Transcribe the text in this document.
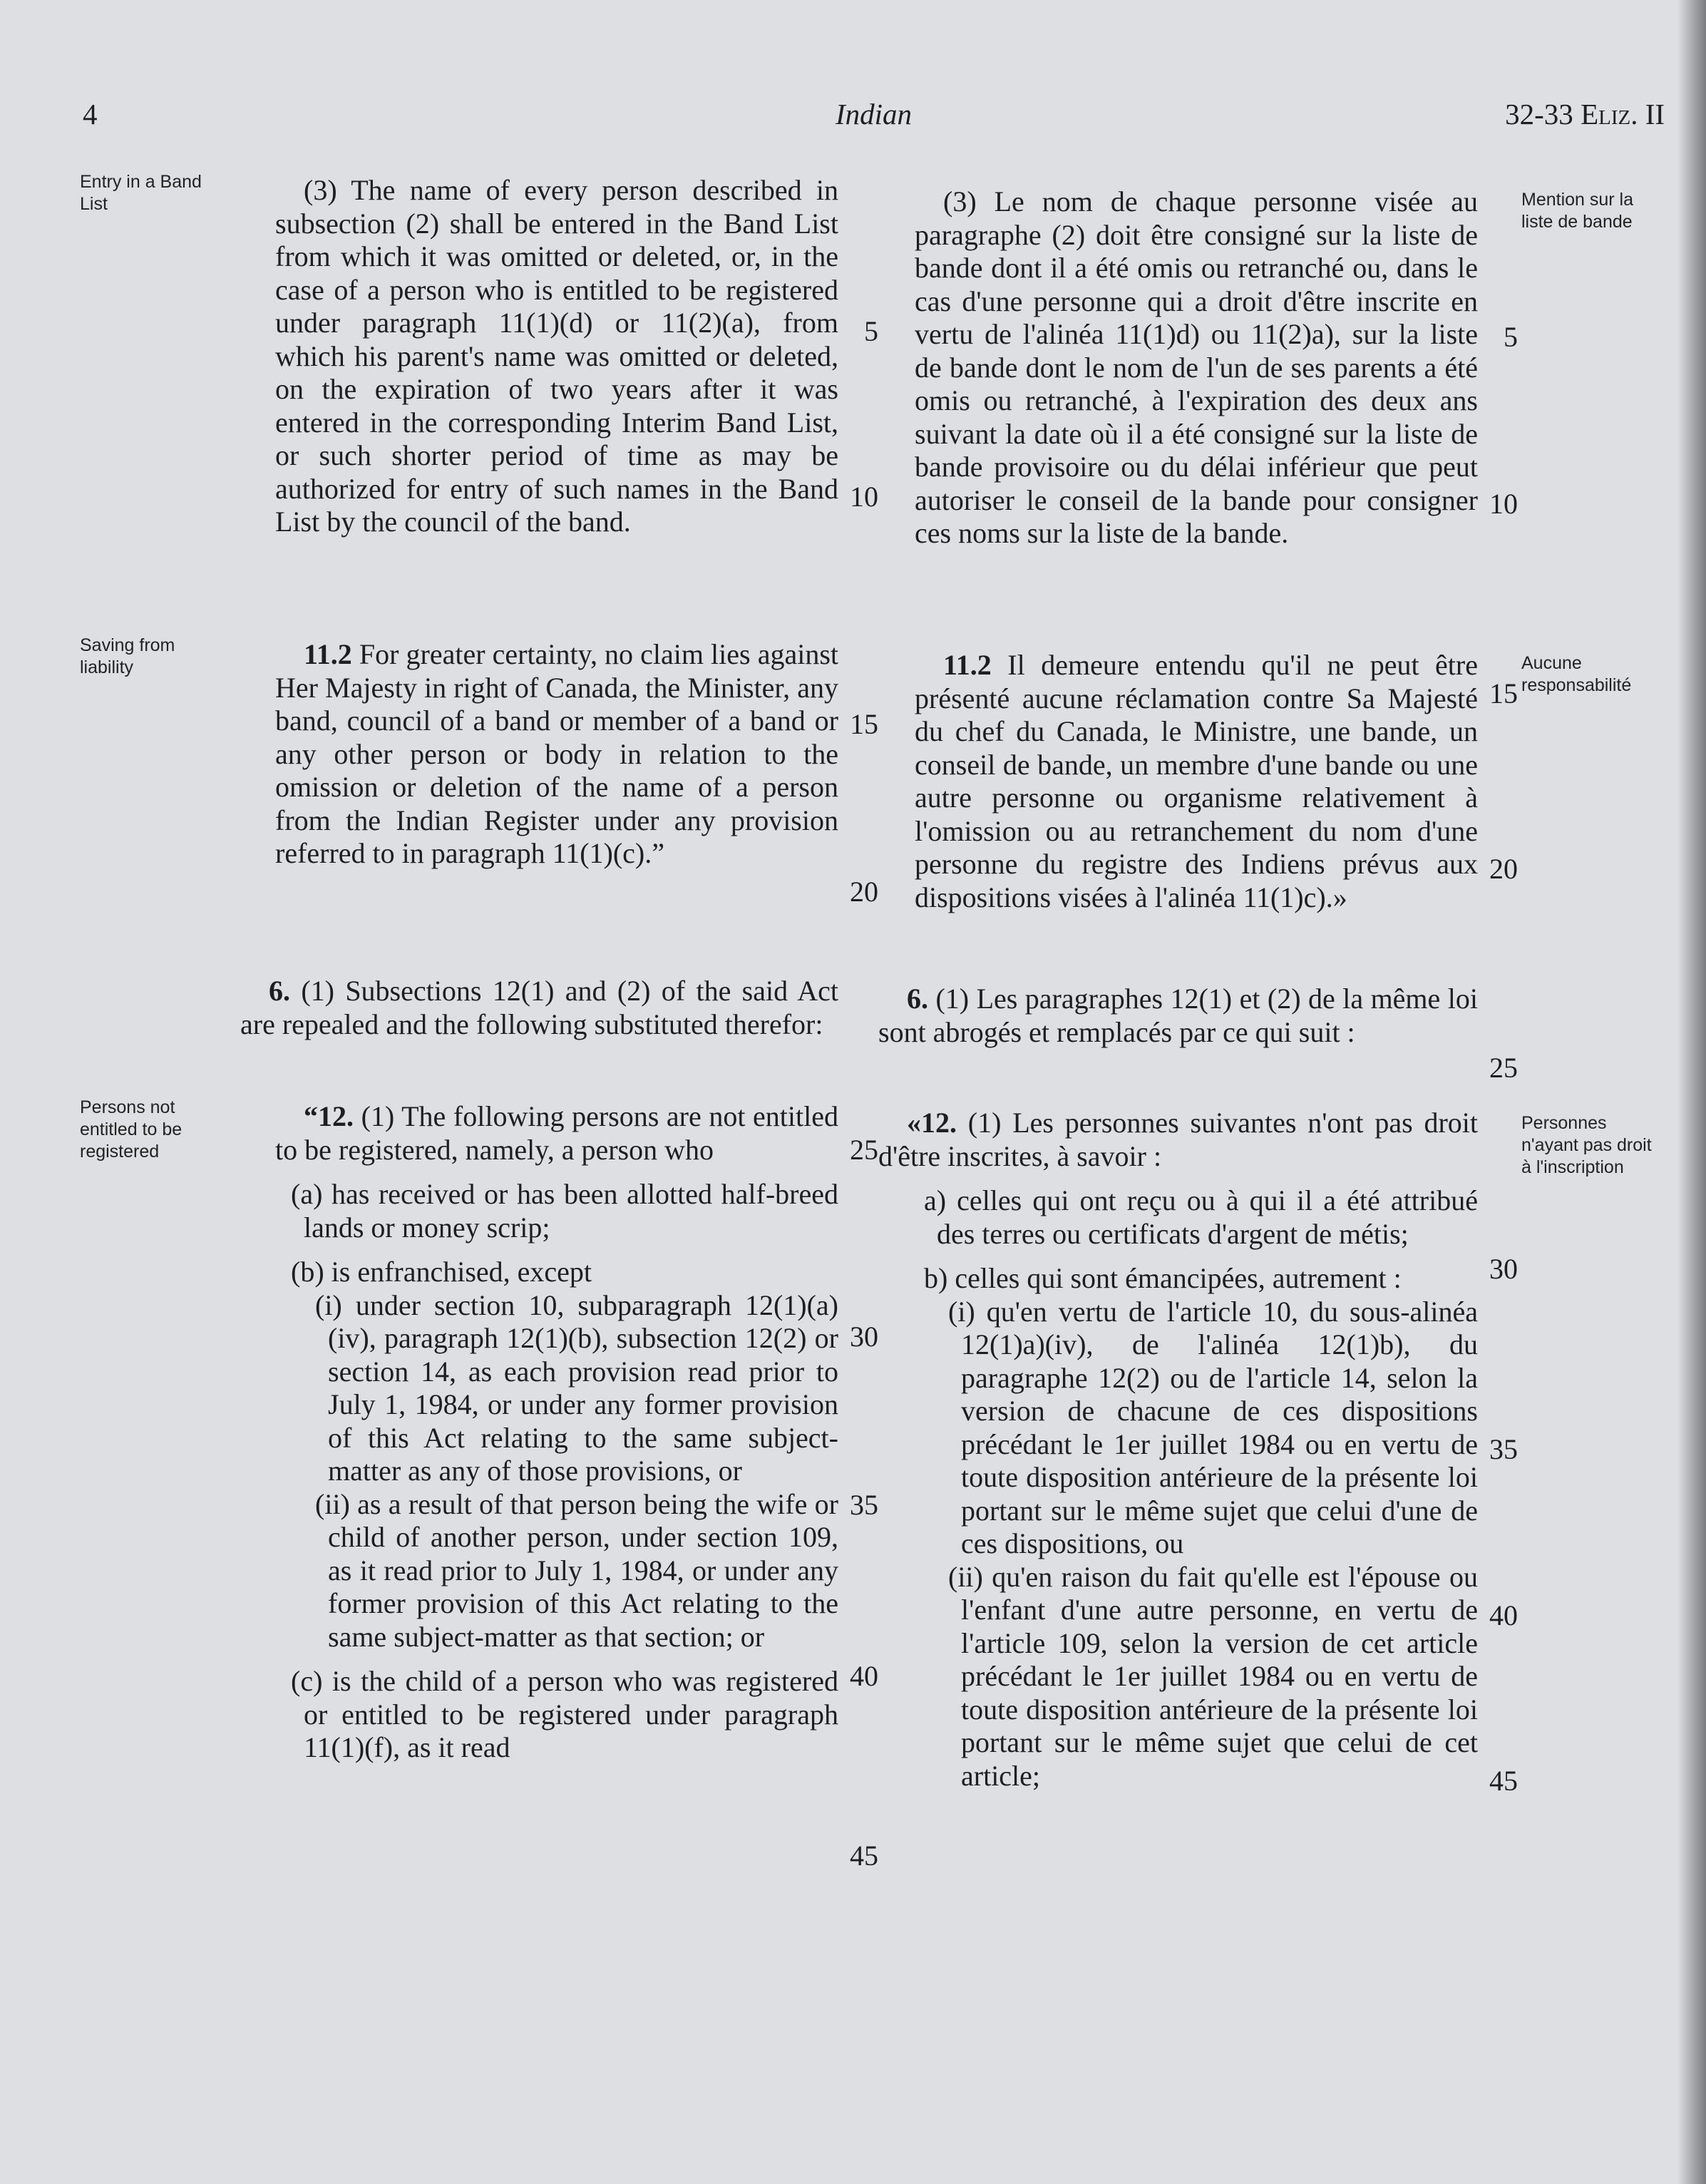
4	Indian	32-33 Eliz. II
Entry in a Band List	Mention sur la liste de bande
Saving from liability	Aucune responsabilité
Persons not entitled to be registered
Personnes n'ayant pas droit à l'inscription

(3) The name of every person described in subsection (2) shall be entered in the Band List from which it was omitted or deleted, or, in the case of a person who is entitled to be registered under paragraph 11(1)(d) or 11(2)(a), from which his parent's name was omitted or deleted, on the expiration of two years after it was entered in the corresponding Interim Band List, or such shorter period of time as may be authorized for entry of such names in the Band List by the council of the band.

11.2 For greater certainty, no claim lies against Her Majesty in right of Canada, the Minister, any band, council of a band or member of a band or any other person or body in relation to the omission or deletion of the name of a person from the Indian Register under any provision referred to in paragraph 11(1)(c).”

6. (1) Subsections 12(1) and (2) of the said Act are repealed and the following substituted therefor:

“12. (1) The following persons are not entitled to be registered, namely, a person who

(a) has received or has been allotted half-breed lands or money scrip;

(b) is enfranchised, except

(i) under section 10, subparagraph 12(1)(a)(iv), paragraph 12(1)(b), subsection 12(2) or section 14, as each provision read prior to July 1, 1984, or under any former provision of this Act relating to the same subject-matter as any of those provisions, or

(ii) as a result of that person being the wife or child of another person, under section 109, as it read prior to July 1, 1984, or under any former provision of this Act relating to the same subject-matter as that section; or

(c) is the child of a person who was registered or entitled to be registered under paragraph 11(1)(f), as it read

(3) Le nom de chaque personne visée au paragraphe (2) doit être consigné sur la liste de bande dont il a été omis ou retranché ou, dans le cas d'une personne qui a droit d'être inscrite en vertu de l'alinéa 11(1)d) ou 11(2)a), sur la liste de bande dont le nom de l'un de ses parents a été omis ou retranché, à l'expiration des deux ans suivant la date où il a été consigné sur la liste de bande provisoire ou du délai inférieur que peut autoriser le conseil de la bande pour consigner ces noms sur la liste de la bande.

11.2 Il demeure entendu qu'il ne peut être présenté aucune réclamation contre Sa Majesté du chef du Canada, le Ministre, une bande, un conseil de bande, un membre d'une bande ou une autre personne ou organisme relativement à l'omission ou au retranchement du nom d'une personne du registre des Indiens prévus aux dispositions visées à l'alinéa 11(1)c).»

6. (1) Les paragraphes 12(1) et (2) de la même loi sont abrogés et remplacés par ce qui suit :

«12. (1) Les personnes suivantes n'ont pas droit d'être inscrites, à savoir :

a) celles qui ont reçu ou à qui il a été attribué des terres ou certificats d'argent de métis;

b) celles qui sont émancipées, autrement :

(i) qu'en vertu de l'article 10, du sous-alinéa 12(1)a)(iv), de l'alinéa 12(1)b), du paragraphe 12(2) ou de l'article 14, selon la version de chacune de ces dispositions précédant le 1er juillet 1984 ou en vertu de toute disposition antérieure de la présente loi portant sur le même sujet que celui d'une de ces dispositions, ou

(ii) qu'en raison du fait qu'elle est l'épouse ou l'enfant d'une autre personne, en vertu de l'article 109, selon la version de cet article précédant le 1er juillet 1984 ou en vertu de toute disposition antérieure de la présente loi portant sur le même sujet que celui de cet article;

5
10
15
20
25
30
35
40
45
5
10
15
20
25
30
35
40
45
